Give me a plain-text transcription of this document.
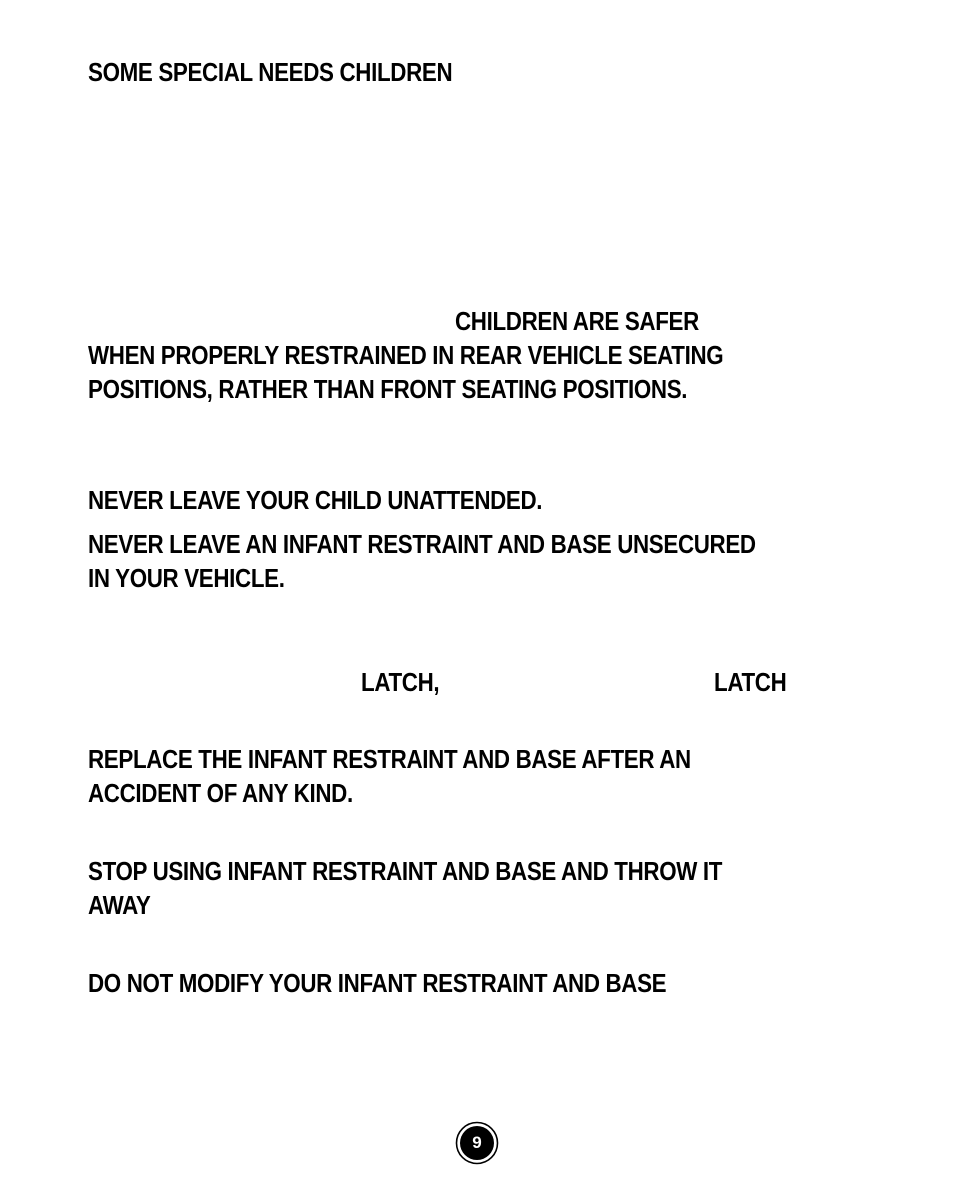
SOME SPECIAL NEEDS CHILDREN
CHILDREN ARE SAFER
WHEN PROPERLY RESTRAINED IN REAR VEHICLE SEATING
POSITIONS, RATHER THAN FRONT SEATING POSITIONS.
NEVER LEAVE YOUR CHILD UNATTENDED.
NEVER LEAVE AN INFANT RESTRAINT AND BASE UNSECURED
IN YOUR VEHICLE.
LATCH,	LATCH
REPLACE THE INFANT RESTRAINT AND BASE AFTER AN
ACCIDENT OF ANY KIND.
STOP USING INFANT RESTRAINT AND BASE AND THROW IT
AWAY
DO NOT MODIFY YOUR INFANT RESTRAINT AND BASE
9
